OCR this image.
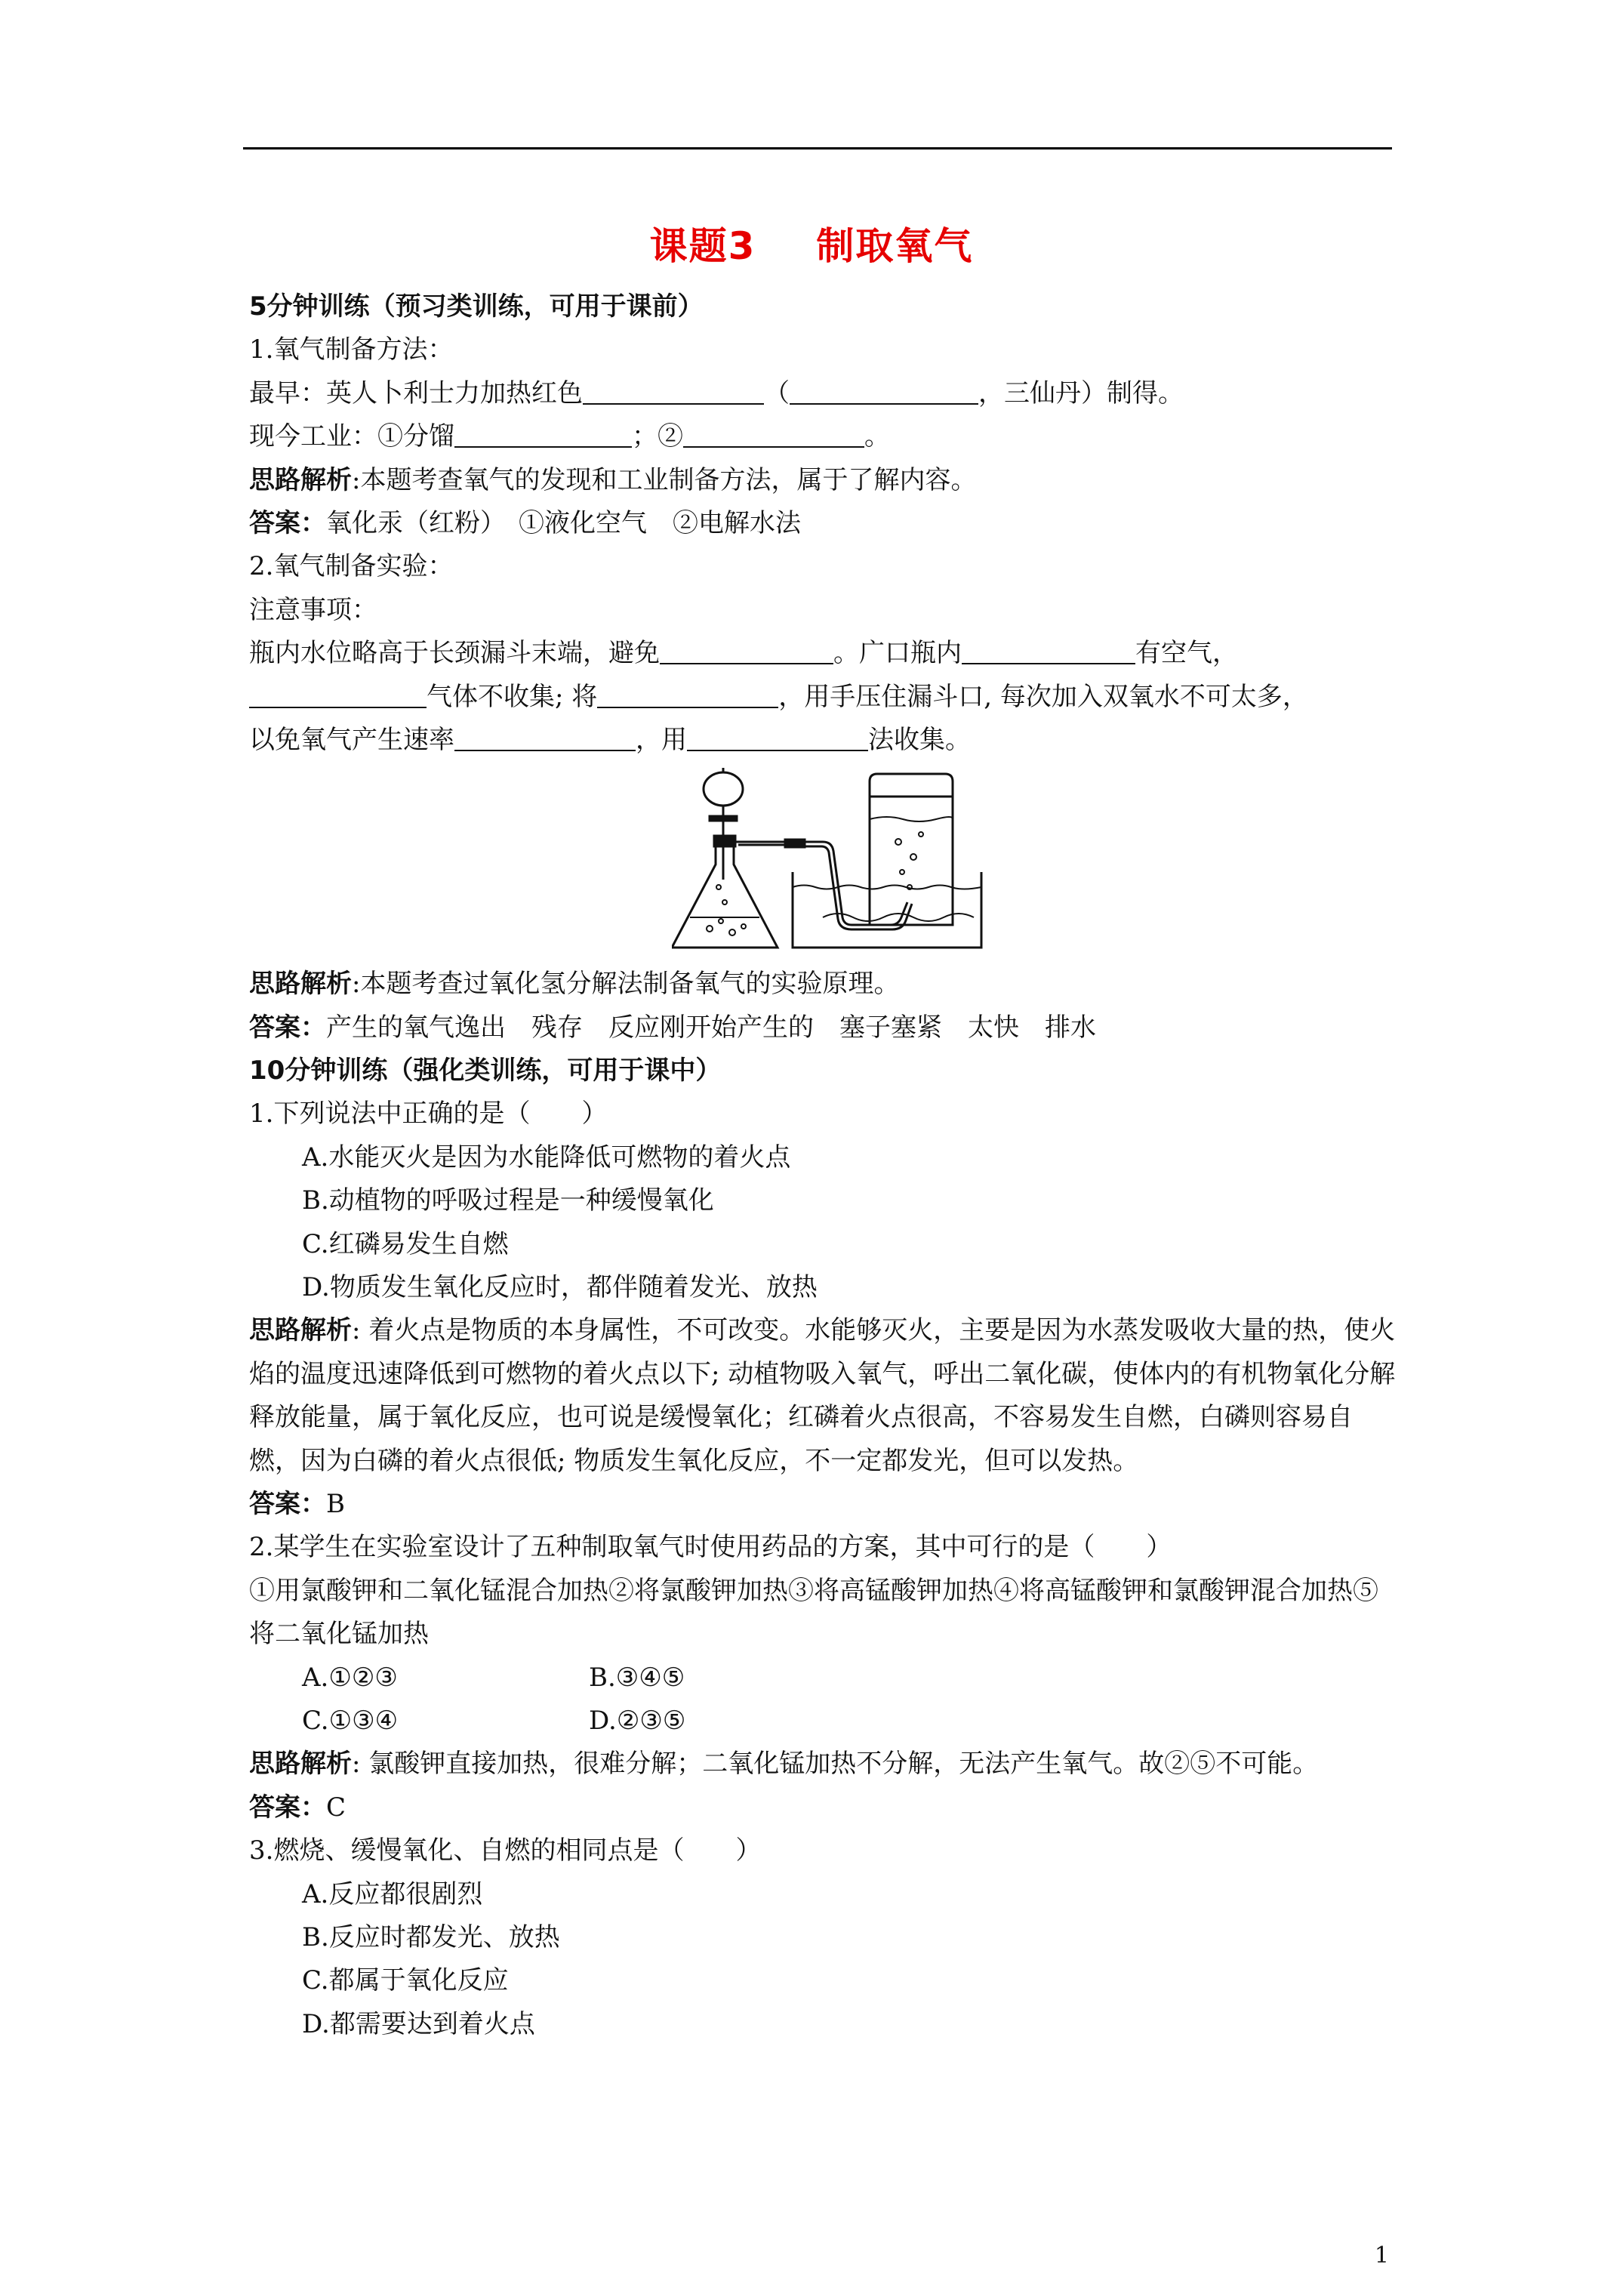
课题3 制取氧气
5分钟训练（预习类训练，可用于课前）
1.氧气制备方法：
最早：英人卜利士力加热红色	（	，三仙丹）制得。
现今工业：①分馏	；②	。
思路解析:本题考查氧气的发现和工业制备方法，属于了解内容。
答案：氧化汞（红粉）　①液化空气　②电解水法
2.氧气制备实验：
注意事项：
瓶内水位略高于长颈漏斗末端，避免	。广口瓶内	有空气，
气体不收集; 将	，用手压住漏斗口, 每次加入双氧水不可太多，
以免氧气产生速率	，用	法收集。
思路解析:本题考查过氧化氢分解法制备氧气的实验原理。
答案：产生的氧气逸出　残存　反应刚开始产生的　塞子塞紧　太快　排水
10分钟训练（强化类训练，可用于课中）
1.下列说法中正确的是（　　）
A.水能灭火是因为水能降低可燃物的着火点
B.动植物的呼吸过程是一种缓慢氧化
C.红磷易发生自燃
D.物质发生氧化反应时，都伴随着发光、放热
思路解析: 着火点是物质的本身属性，不可改变。水能够灭火，主要是因为水蒸发吸收大量的热，使火焰的温度迅速降低到可燃物的着火点以下; 动植物吸入氧气，呼出二氧化碳，使体内的有机物氧化分解释放能量，属于氧化反应，也可说是缓慢氧化；红磷着火点很高，不容易发生自燃，白磷则容易自燃，因为白磷的着火点很低; 物质发生氧化反应，不一定都发光，但可以发热。
答案：B
2.某学生在实验室设计了五种制取氧气时使用药品的方案，其中可行的是（　　）
①用氯酸钾和二氧化锰混合加热②将氯酸钾加热③将高锰酸钾加热④将高锰酸钾和氯酸钾混合加热⑤将二氧化锰加热
A.①②③	B.③④⑤
C.①③④	D.②③⑤
思路解析: 氯酸钾直接加热，很难分解；二氧化锰加热不分解，无法产生氧气。故②⑤不可能。
答案：C
3.燃烧、缓慢氧化、自燃的相同点是（　　）
A.反应都很剧烈
B.反应时都发光、放热
C.都属于氧化反应
D.都需要达到着火点
1
